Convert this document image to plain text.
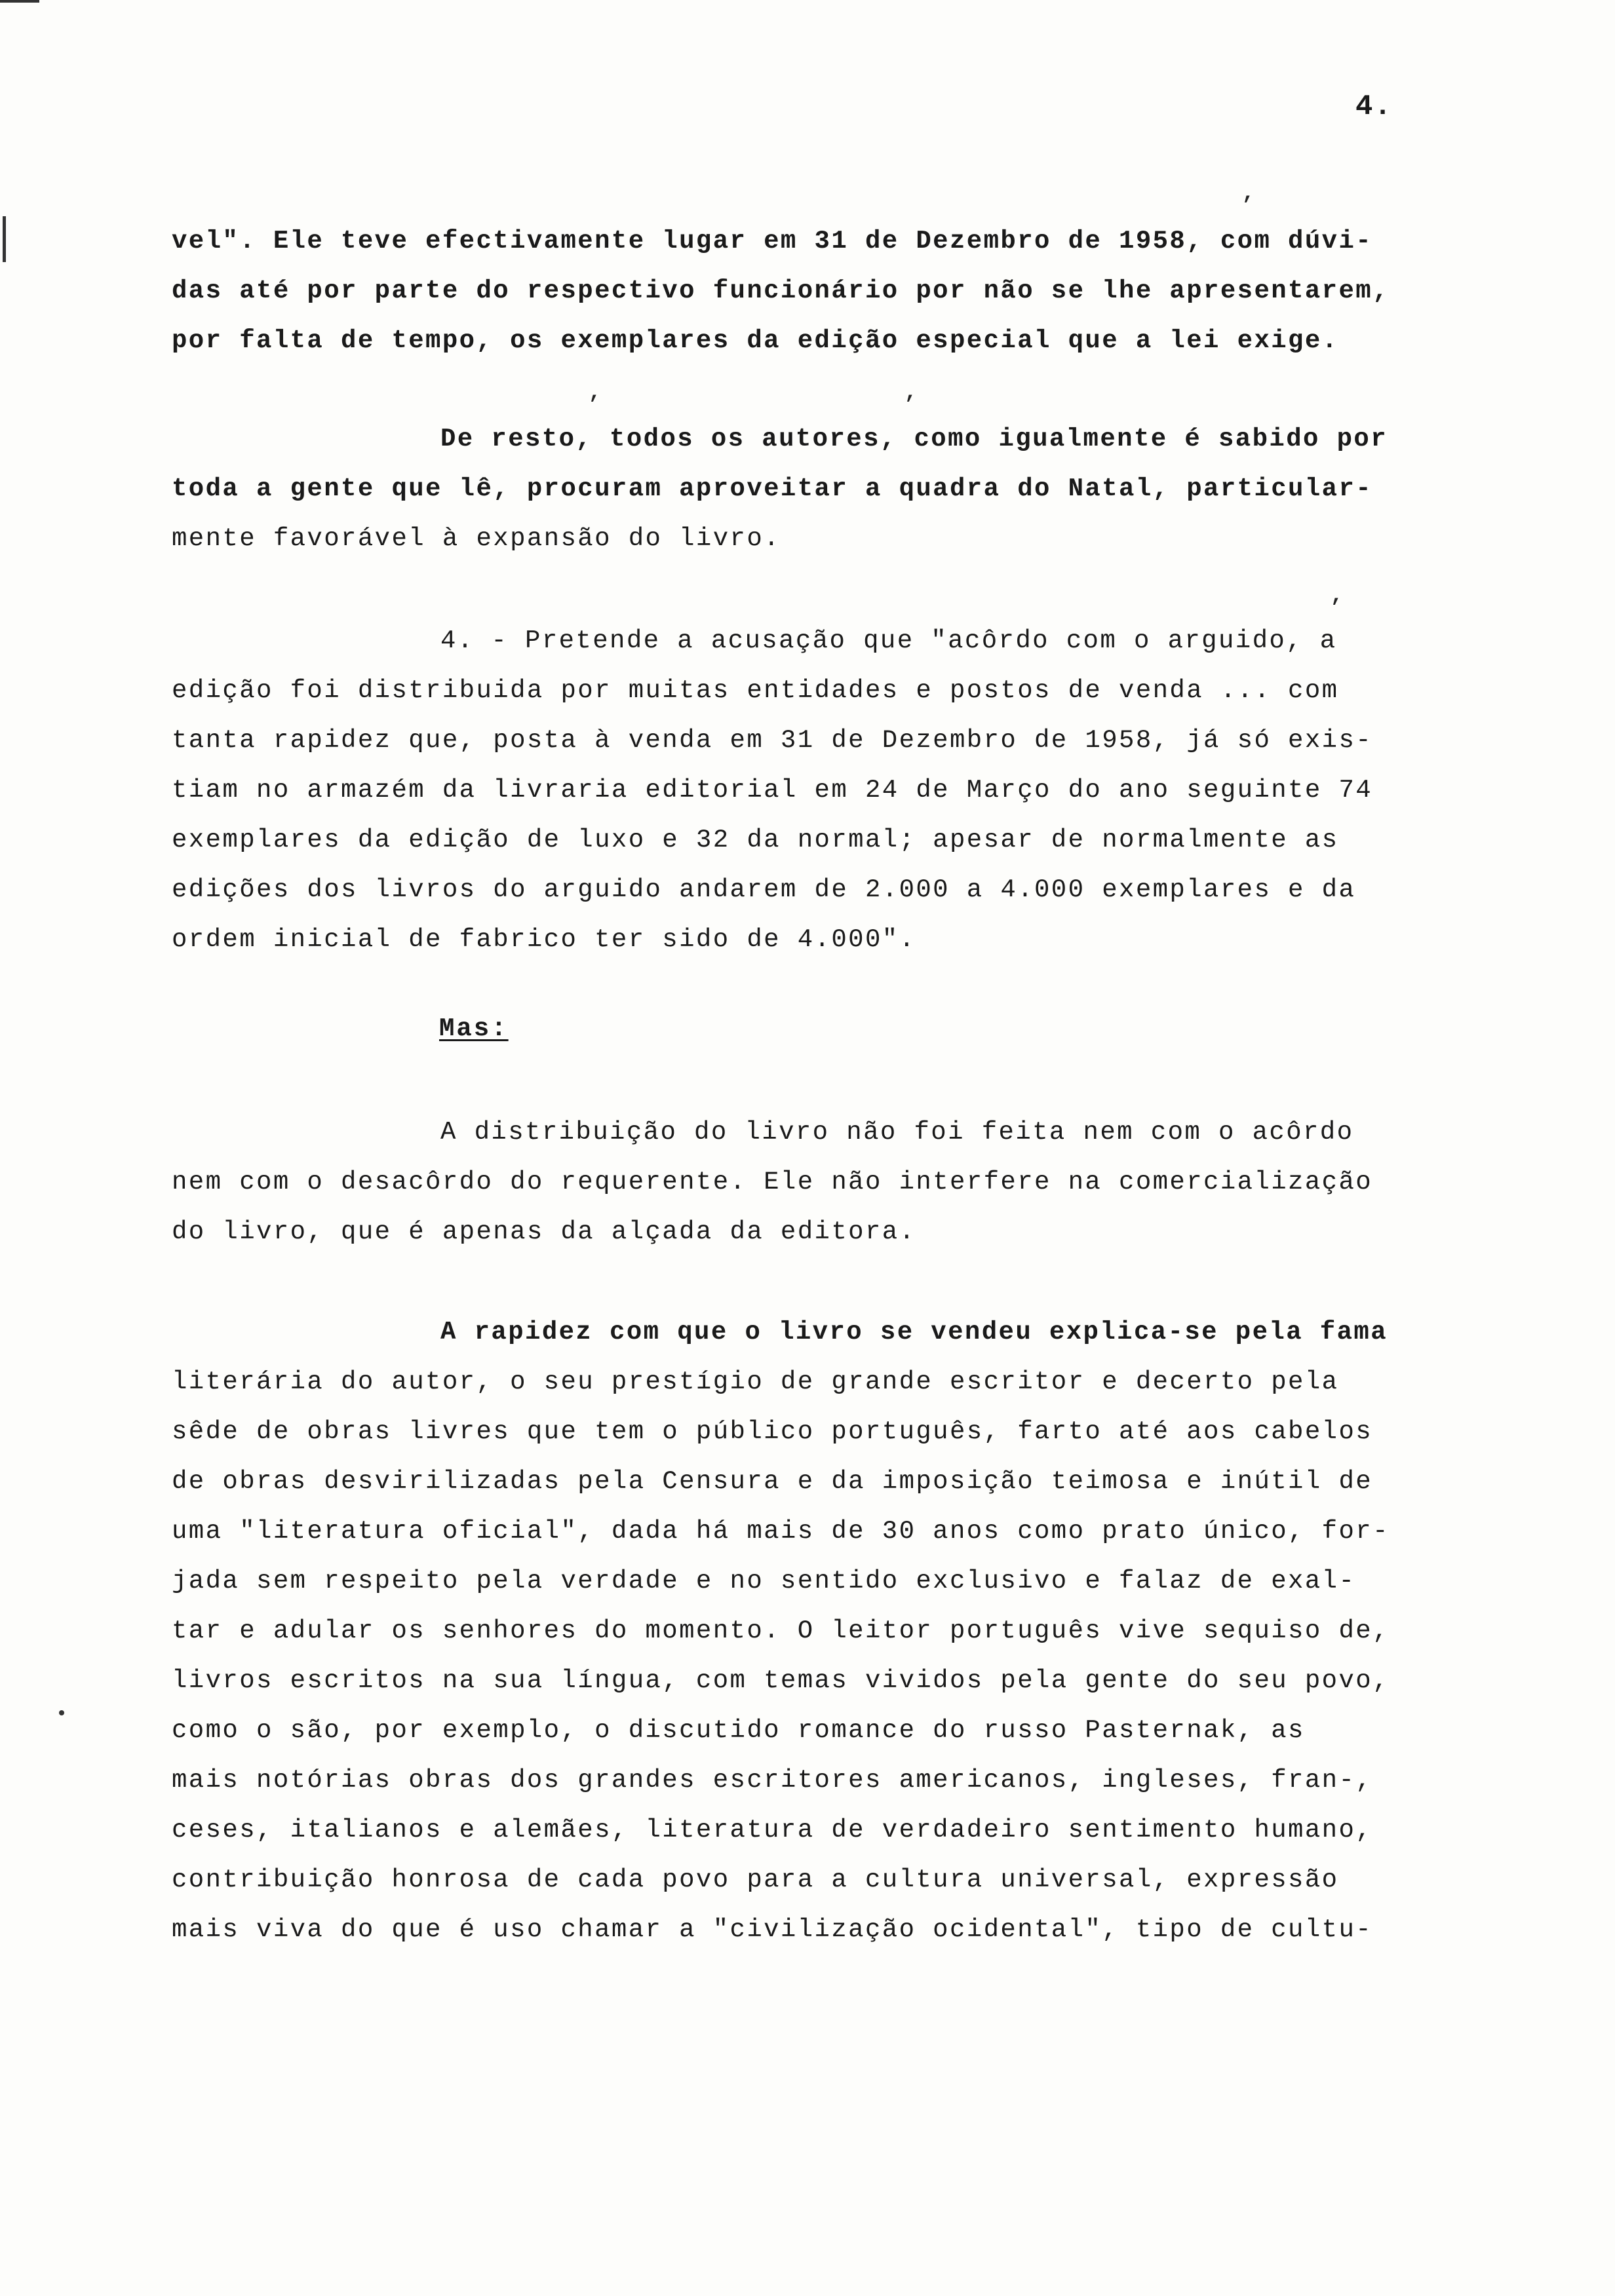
4.
,
,	,
,
vel". Ele teve efectivamente lugar em 31 de Dezembro de 1958, com dúvi-
das até por parte do respectivo funcionário por não se lhe apresentarem,
por falta de tempo, os exemplares da edição especial que a lei exige.
De resto, todos os autores, como igualmente é sabido por
toda a gente que lê, procuram aproveitar a quadra do Natal, particular-
mente favorável à expansão do livro.
4. - Pretende a acusação que "acôrdo com o arguido, a
edição foi distribuida por muitas entidades e postos de venda ... com
tanta rapidez que, posta à venda em 31 de Dezembro de 1958, já só exis-
tiam no armazém da livraria editorial em 24 de Março do ano seguinte 74
exemplares da edição de luxo e 32 da normal; apesar de normalmente as
edições dos livros do arguido andarem de 2.000 a 4.000 exemplares e da
ordem inicial de fabrico ter sido de 4.000".
Mas:
A distribuição do livro não foi feita nem com o acôrdo
nem com o desacôrdo do requerente. Ele não interfere na comercialização
do livro, que é apenas da alçada da editora.
A rapidez com que o livro se vendeu explica-se pela fama
literária do autor, o seu prestígio de grande escritor e decerto pela
sêde de obras livres que tem o público português, farto até aos cabelos
de obras desvirilizadas pela Censura e da imposição teimosa e inútil de
uma "literatura oficial", dada há mais de 30 anos como prato único, for-
jada sem respeito pela verdade e no sentido exclusivo e falaz de exal-
tar e adular os senhores do momento. O leitor português vive sequiso de,
livros escritos na sua língua, com temas vividos pela gente do seu povo,
como o são, por exemplo, o discutido romance do russo Pasternak, as
mais notórias obras dos grandes escritores americanos, ingleses, fran-,
ceses, italianos e alemães, literatura de verdadeiro sentimento humano,
contribuição honrosa de cada povo para a cultura universal, expressão
mais viva do que é uso chamar a "civilização ocidental", tipo de cultu-
